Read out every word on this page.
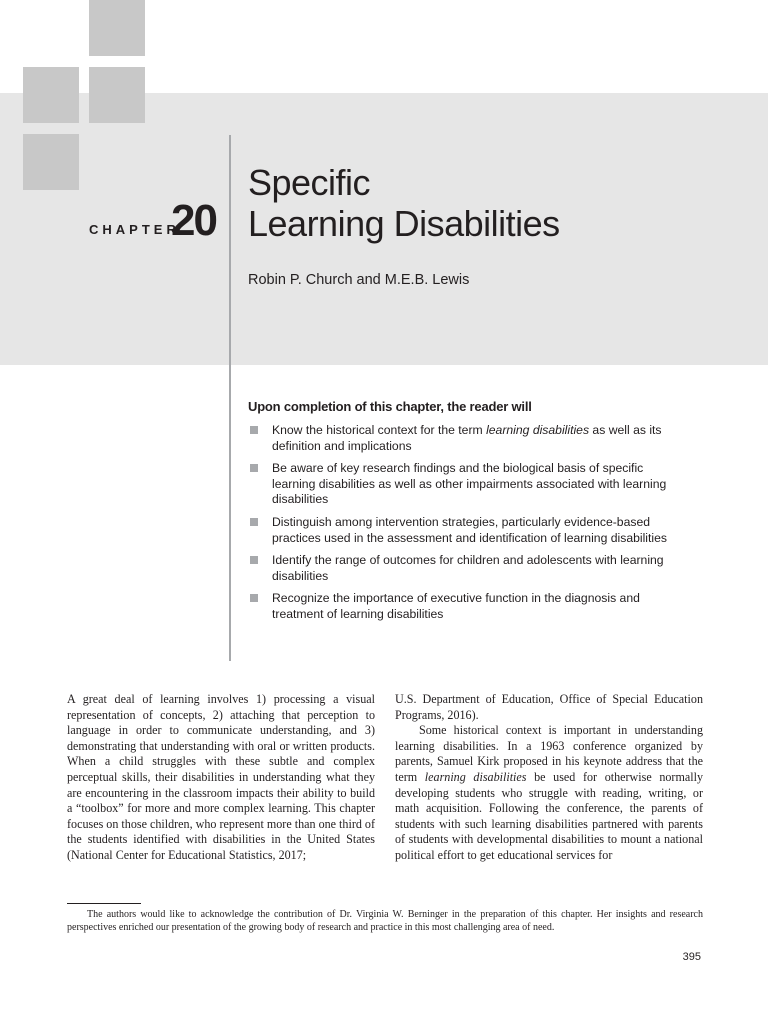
CHAPTER
20
Specific
Learning Disabilities
Robin P. Church and M.E.B. Lewis
Upon completion of this chapter, the reader will
Know the historical context for the term learning disabilities as well as its definition and implications
Be aware of key research findings and the biological basis of specific learning disabilities as well as other impairments associated with learning disabilities
Distinguish among intervention strategies, particularly evidence-based practices used in the assessment and identification of learning disabilities
Identify the range of outcomes for children and adolescents with learning disabilities
Recognize the importance of executive function in the diagnosis and treatment of learning disabilities

A great deal of learning involves 1) processing a visual representation of concepts, 2) attaching that perception to language in order to communicate understanding, and 3) demonstrating that understanding with oral or written products. When a child struggles with these subtle and complex perceptual skills, their disabilities in understanding what they are encountering in the classroom impacts their ability to build a “toolbox” for more and more complex learning. This chapter focuses on those children, who represent more than one third of the students identified with disabilities in the United States (National Center for Educational Statistics, 2017;

U.S. Department of Education, Office of Special Education Programs, 2016).

Some historical context is important in understanding learning disabilities. In a 1963 conference organized by parents, Samuel Kirk proposed in his keynote address that the term learning disabilities be used for otherwise normally developing students who struggle with reading, writing, or math acquisition. Following the conference, the parents of students with such learning disabilities partnered with parents of students with developmental disabilities to mount a national political effort to get educational services for

The authors would like to acknowledge the contribution of Dr. Virginia W. Berninger in the preparation of this chapter. Her insights and research perspectives enriched our presentation of the growing body of research and practice in this most challenging area of need.

395
